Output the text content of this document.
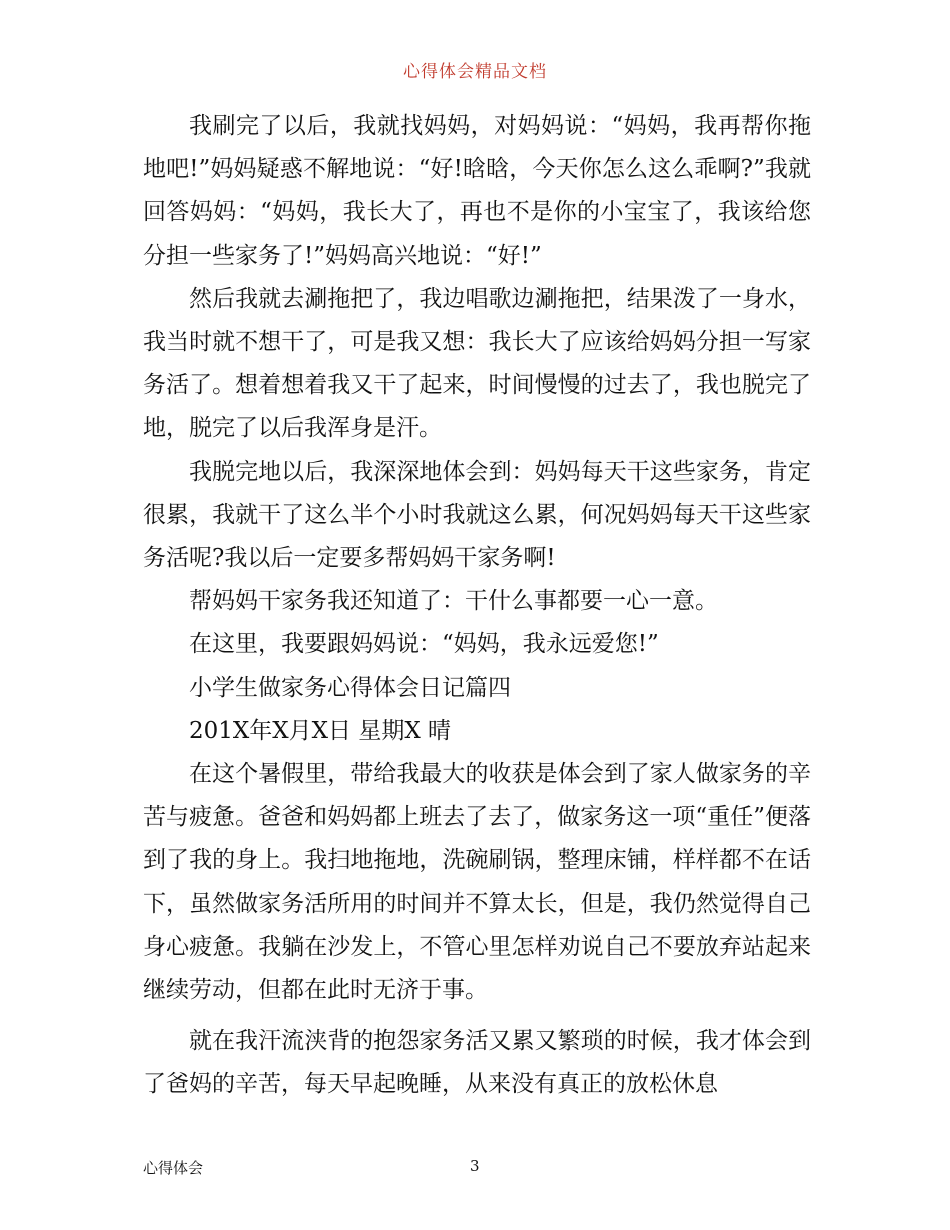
心得体会精品文档

我刷完了以后，我就找妈妈，对妈妈说：“妈妈，我再帮你拖地吧!”妈妈疑惑不解地说：“好!晗晗，今天你怎么这么乖啊?”我就回答妈妈：“妈妈，我长大了，再也不是你的小宝宝了，我该给您分担一些家务了!”妈妈高兴地说：“好!”

然后我就去涮拖把了，我边唱歌边涮拖把，结果泼了一身水，我当时就不想干了，可是我又想：我长大了应该给妈妈分担一写家务活了。想着想着我又干了起来，时间慢慢的过去了，我也脱完了地，脱完了以后我浑身是汗。

我脱完地以后，我深深地体会到：妈妈每天干这些家务，肯定很累，我就干了这么半个小时我就这么累，何况妈妈每天干这些家务活呢?我以后一定要多帮妈妈干家务啊!

帮妈妈干家务我还知道了：干什么事都要一心一意。

在这里，我要跟妈妈说：“妈妈，我永远爱您!”

小学生做家务心得体会日记篇四

201X年X月X日 星期X 晴

在这个暑假里，带给我最大的收获是体会到了家人做家务的辛苦与疲惫。爸爸和妈妈都上班去了去了，做家务这一项“重任”便落到了我的身上。我扫地拖地，洗碗刷锅，整理床铺，样样都不在话下，虽然做家务活所用的时间并不算太长，但是，我仍然觉得自己身心疲惫。我躺在沙发上，不管心里怎样劝说自己不要放弃站起来继续劳动，但都在此时无济于事。

就在我汗流浃背的抱怨家务活又累又繁琐的时候，我才体会到了爸妈的辛苦，每天早起晚睡，从来没有真正的放松休息

心得体会	3
